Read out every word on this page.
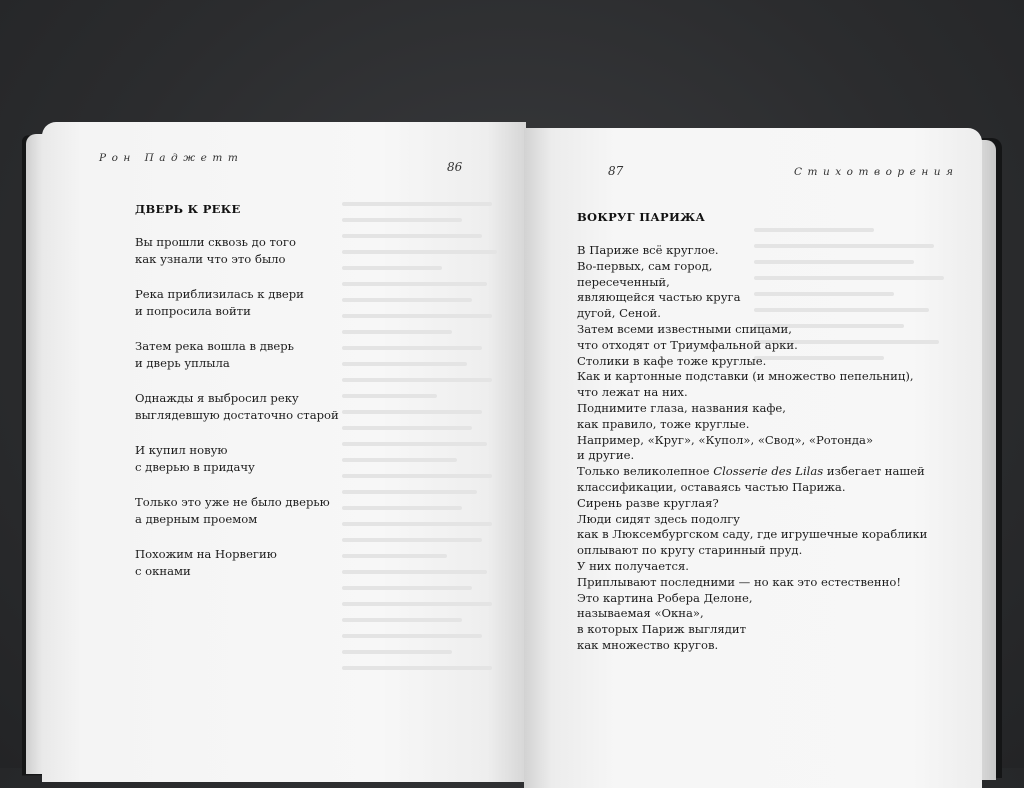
Рон Паджетт
86
ДВЕРЬ К РЕКЕ
Вы прошли сквозь до того
как узнали что это было
Река приблизилась к двери
и попросила войти
Затем река вошла в дверь
и дверь уплыла
Однажды я выбросил реку
выглядевшую достаточно старой
И купил новую
с дверью в придачу
Только это уже не было дверью
а дверным проемом
Похожим на Норвегию
с окнами
87	Стихотворения
ВОКРУГ ПАРИЖА
В Париже всё круглое.
Во-первых, сам город,
пересеченный,
являющейся частью круга
дугой, Сеной.
Затем всеми известными спицами,
что отходят от Триумфальной арки.
Столики в кафе тоже круглые.
Как и картонные подставки (и множество пепельниц),
что лежат на них.
Поднимите глаза, названия кафе,
как правило, тоже круглые.
Например, «Круг», «Купол», «Свод», «Ротонда»
и другие.
Только великолепное Closserie des Lilas избегает нашей
классификации, оставаясь частью Парижа.
Сирень разве круглая?
Люди сидят здесь подолгу
как в Люксембургском саду, где игрушечные кораблики
оплывают по кругу старинный пруд.
У них получается.
Приплывают последними — но как это естественно!
Это картина Робера Делоне,
называемая «Окна»,
в которых Париж выглядит
как множество кругов.
